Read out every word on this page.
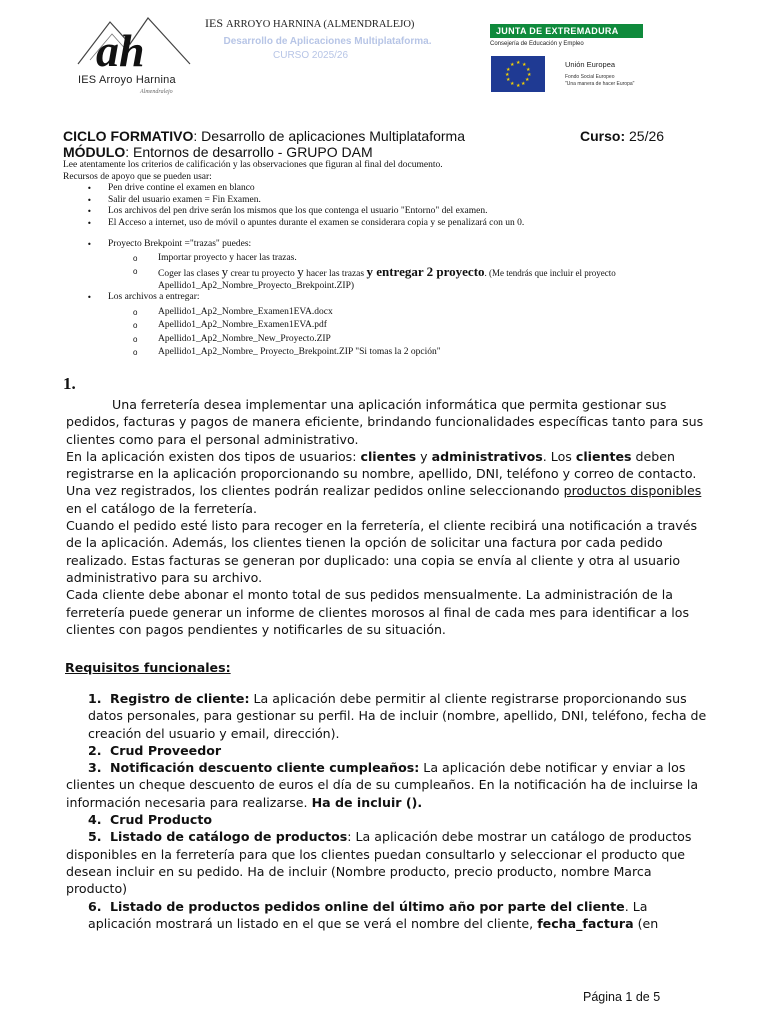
ah
IES Arroyo Harnina
Almendralejo
IES ARROYO HARNINA (ALMENDRALEJO)
Desarrollo de Aplicaciones Multiplataforma.
CURSO 2025/26
JUNTA DE EXTREMADURA
Consejería de Educación y Empleo
★ ★
★
★
★
★
★
★
★
★
★
★	Unión Europea
Fondo Social Europeo
"Una manera de hacer Europa"
CICLO FORMATIVO: Desarrollo de aplicaciones Multiplataforma
MÓDULO: Entornos de desarrollo - GRUPO DAM
Curso: 25/26
Lee atentamente los criterios de calificación y las observaciones que figuran al final del documento.
Recursos de apoyo que se pueden usar:
• Pen drive contine el examen en blanco
• Salir del usuario examen = Fin Examen.
• Los archivos del pen drive serán los mismos que los que contenga el usuario "Entorno" del examen.
• El Acceso a internet, uso de móvil o apuntes durante el examen se considerara copia y se penalizará con un 0.
• Proyecto Brekpoint ="trazas" puedes:
o Importar proyecto y hacer las trazas.
o Coger las clases y crear tu proyecto y hacer las trazas y entregar 2 proyecto. (Me tendrás que incluir el proyecto
Apellido1_Ap2_Nombre_Proyecto_Brekpoint.ZIP)
• Los archivos a entregar:
o Apellido1_Ap2_Nombre_Examen1EVA.docx
o Apellido1_Ap2_Nombre_Examen1EVA.pdf
o Apellido1_Ap2_Nombre_New_Proyecto.ZIP
o Apellido1_Ap2_Nombre_ Proyecto_Brekpoint.ZIP "Si tomas la 2 opción"
1.

Una ferretería desea implementar una aplicación informática que permita gestionar sus pedidos, facturas y pagos de manera eficiente, brindando funcionalidades específicas tanto para sus clientes como para el personal administrativo.

En la aplicación existen dos tipos de usuarios: clientes y administrativos. Los clientes deben registrarse en la aplicación proporcionando su nombre, apellido, DNI, teléfono y correo de contacto. Una vez registrados, los clientes podrán realizar pedidos online seleccionando productos disponibles en el catálogo de la ferretería.

Cuando el pedido esté listo para recoger en la ferretería, el cliente recibirá una notificación a través de la aplicación. Además, los clientes tienen la opción de solicitar una factura por cada pedido realizado. Estas facturas se generan por duplicado: una copia se envía al cliente y otra al usuario administrativo para su archivo.

Cada cliente debe abonar el monto total de sus pedidos mensualmente. La administración de la ferretería puede generar un informe de clientes morosos al final de cada mes para identificar a los clientes con pagos pendientes y notificarles de su situación.

Requisitos funcionales:
1. Registro de cliente: La aplicación debe permitir al cliente registrarse proporcionando sus datos personales, para gestionar su perfil. Ha de incluir (nombre, apellido, DNI, teléfono, fecha de creación del usuario y email, dirección).
2. Crud Proveedor
3. Notificación descuento cliente cumpleaños: La aplicación debe notificar y enviar a los clientes un cheque descuento de euros el día de su cumpleaños. En la notificación ha de incluirse la información necesaria para realizarse. Ha de incluir ().
4. Crud Producto
5. Listado de catálogo de productos: La aplicación debe mostrar un catálogo de productos disponibles en la ferretería para que los clientes puedan consultarlo y seleccionar el producto que desean incluir en su pedido. Ha de incluir (Nombre producto, precio producto, nombre Marca producto)
6. Listado de productos pedidos online del último año por parte del cliente. La aplicación mostrará un listado en el que se verá el nombre del cliente, fecha_factura (en
Página 1 de 5
